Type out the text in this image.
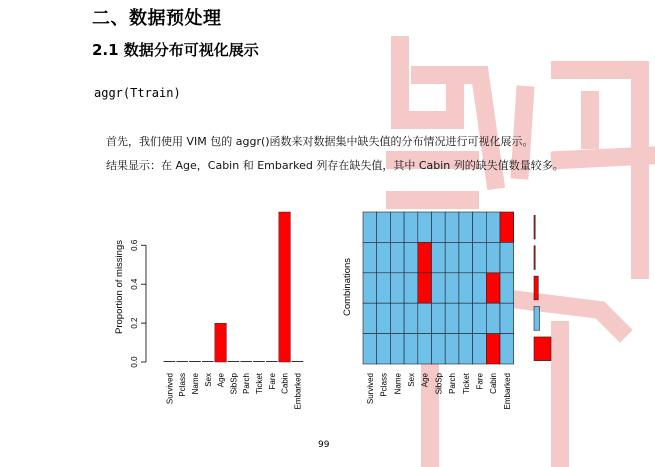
二、数据预处理
2.1 数据分布可视化展示
aggr(Ttrain)
首先，我们使用 VIM 包的 aggr()函数来对数据集中缺失值的分布情况进行可视化展示。
结果显示：在 Age，Cabin 和 Embarked 列存在缺失值，其中 Cabin 列的缺失值数量较多。
0.0
0.2
0.4
0.6
Proportion of missings
Survived Pclass Name Sex Age SibSp Parch Ticket Fare Cabin Embarked
Combinations
Survived Pclass Name Sex Age SibSp Parch Ticket Fare Cabin Embarked
99
